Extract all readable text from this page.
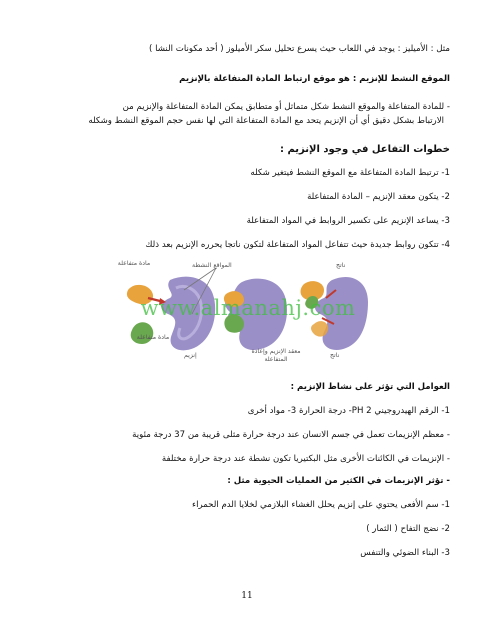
مثل : الأميليز : يوجد في اللعاب حيث يسرع تحليل سكر الأميلوز ( أحد مكونات النشا )
الموقع النشط للإنزيم : هو موقع ارتباط المادة المتفاعلة بالإنزيم
- للمادة المتفاعلة والموقع النشط شكل متماثل أو متطابق يمكن المادة المتفاعلة والإنزيم من
الارتباط بشكل دقيق أي أن الإنزيم يتحد مع المادة المتفاعلة التي لها نفس حجم الموقع النشط وشكله
خطوات التفاعل في وجود الإنزيم :
1- ترتبط المادة المتفاعلة مع الموقع النشط فيتغير شكله
2- يتكون معقد الإنزيم – المادة المتفاعلة
3- يساعد الإنزيم على تكسير الروابط في المواد المتفاعلة
4- تتكون روابط جديدة حيث تتفاعل المواد المتفاعلة لتكون ناتجا يحرره الإنزيم بعد ذلك
المواقع النشطة
مادة متفاعلة
مادة متفاعلة
إنزيم
معقد الإنزيم وإعادة المتفاعلة
ناتج
ناتج
www.almanahj.com
العوامل التي تؤثر على نشاط الإنزيم :
1- الرقم الهيدروجيني PH 2- درجة الحرارة 3- مواد أخرى
- معظم الإنزيمات تعمل في جسم الانسان عند درجة حرارة مثلى قريبة من 37 درجة مئوية
- الإنزيمات في الكائنات الأخرى مثل البكتيريا تكون نشطة عند درجة حرارة مختلفة
- تؤثر الإنزيمات في الكثير من العمليات الحيوية مثل :
1- سم الأفعى يحتوي على إنزيم يحلل الغشاء البلازمي لخلايا الدم الحمراء
2- نضج التفاح ( الثمار )
3- البناء الضوئي والتنفس
11
